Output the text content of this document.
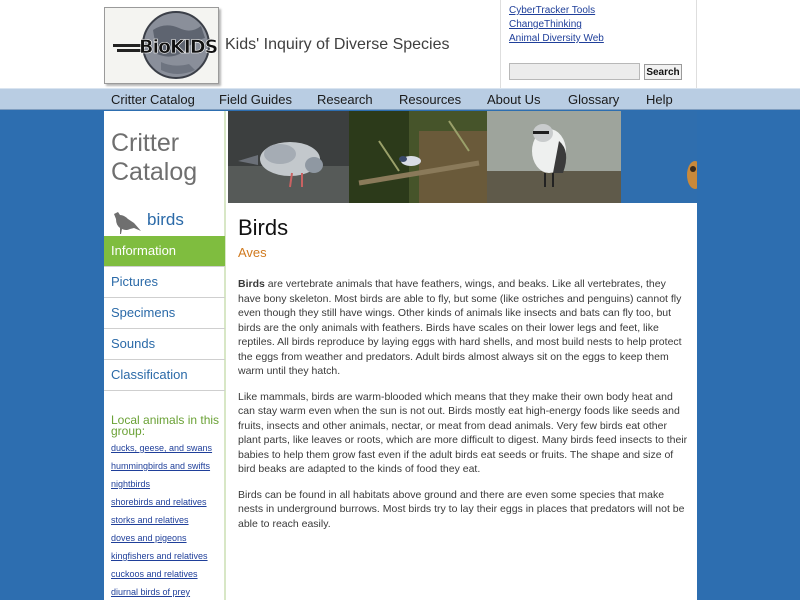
BioKIDS Kids' Inquiry of Diverse Species
CyberTracker Tools
ChangeThinking
Animal Diversity Web
Search
Critter Catalog Field Guides Research Resources About Us Glossary Help
Critter
Catalog
birds
Information
Pictures
Specimens
Sounds
Classification
Local animals in this group:
ducks, geese, and swans
hummingbirds and swifts
nightbirds
shorebirds and relatives
storks and relatives
doves and pigeons
kingfishers and relatives
cuckoos and relatives
diurnal birds of prey
Birds
Aves

Birds are vertebrate animals that have feathers, wings, and beaks. Like all vertebrates, they have bony skeleton. Most birds are able to fly, but some (like ostriches and penguins) cannot fly even though they still have wings. Other kinds of animals like insects and bats can fly too, but birds are the only animals with feathers. Birds have scales on their lower legs and feet, like reptiles. All birds reproduce by laying eggs with hard shells, and most build nests to help protect the eggs from weather and predators. Adult birds almost always sit on the eggs to keep them warm until they hatch.

Like mammals, birds are warm-blooded which means that they make their own body heat and can stay warm even when the sun is not out. Birds mostly eat high-energy foods like seeds and fruits, insects and other animals, nectar, or meat from dead animals. Very few birds eat other plant parts, like leaves or roots, which are more difficult to digest. Many birds feed insects to their babies to help them grow fast even if the adult birds eat seeds or fruits. The shape and size of bird beaks are adapted to the kinds of food they eat.

Birds can be found in all habitats above ground and there are even some species that make nests in underground burrows. Most birds try to lay their eggs in places that predators will not be able to reach easily.
